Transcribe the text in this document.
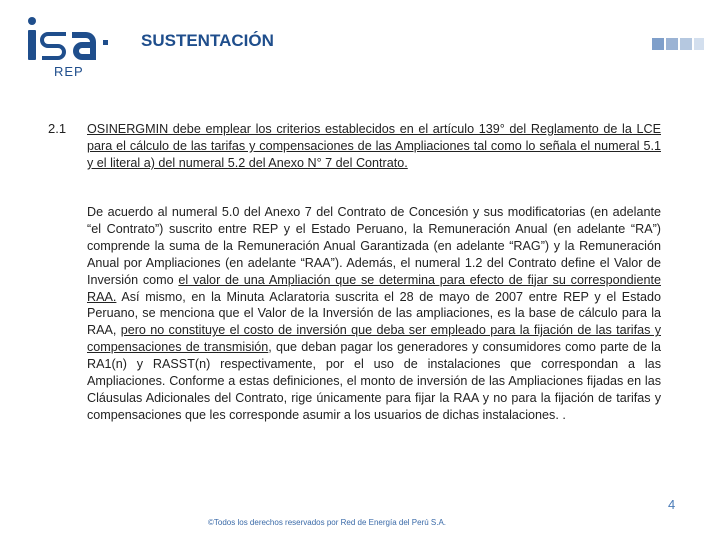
REP
SUSTENTACIÓN
2.1 OSINERGMIN debe emplear los criterios establecidos en el artículo 139° del Reglamento de la LCE para el cálculo de las tarifas y compensaciones de las Ampliaciones tal como lo señala el numeral 5.1 y el literal a) del numeral 5.2 del Anexo N° 7 del Contrato.
De acuerdo al numeral 5.0 del Anexo 7 del Contrato de Concesión y sus modificatorias (en adelante “el Contrato”) suscrito entre REP y el Estado Peruano, la Remuneración Anual (en adelante “RA”) comprende la suma de la Remuneración Anual Garantizada (en adelante “RAG”) y la Remuneración Anual por Ampliaciones (en adelante “RAA”). Además, el numeral 1.2 del Contrato define el Valor de Inversión como el valor de una Ampliación que se determina para efecto de fijar su correspondiente RAA. Así mismo, en la Minuta Aclaratoria suscrita el 28 de mayo de 2007 entre REP y el Estado Peruano, se menciona que el Valor de la Inversión de las ampliaciones, es la base de cálculo para la RAA, pero no constituye el costo de inversión que deba ser empleado para la fijación de las tarifas y compensaciones de transmisión, que deban pagar los generadores y consumidores como parte de la RA1(n) y RASST(n) respectivamente, por el uso de instalaciones que correspondan a las Ampliaciones. Conforme a estas definiciones, el monto de inversión de las Ampliaciones fijadas en las Cláusulas Adicionales del Contrato, rige únicamente para fijar la RAA y no para la fijación de tarifas y compensaciones que les corresponde asumir a los usuarios de dichas instalaciones. .
4
©Todos los derechos reservados por Red de Energía del Perú S.A.
